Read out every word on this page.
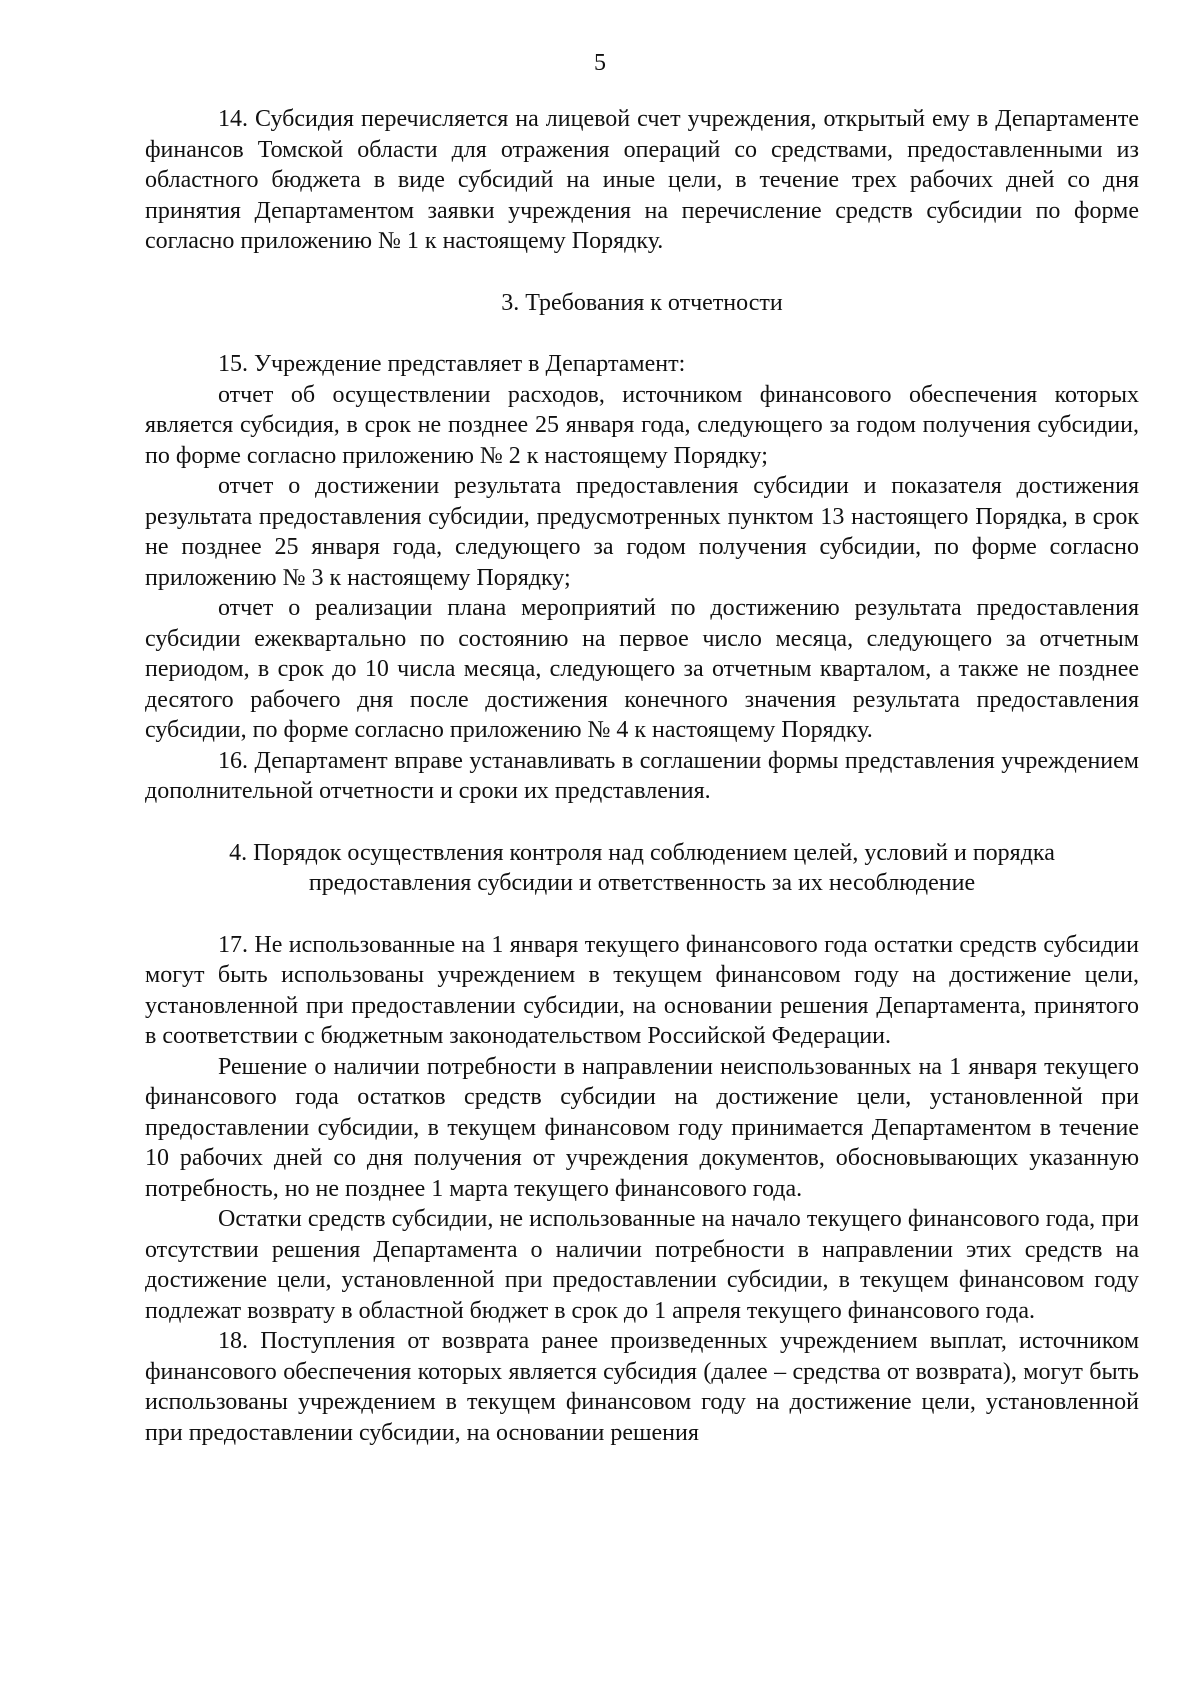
5

14. Субсидия перечисляется на лицевой счет учреждения, открытый ему в Департаменте финансов Томской области для отражения операций со средствами, предоставленными из областного бюджета в виде субсидий на иные цели, в течение трех рабочих дней со дня принятия Департаментом заявки учреждения на перечисление средств субсидии по форме согласно приложению № 1 к настоящему Порядку.

3. Требования к отчетности

15. Учреждение представляет в Департамент:

отчет об осуществлении расходов, источником финансового обеспечения которых является субсидия, в срок не позднее 25 января года, следующего за годом получения субсидии, по форме согласно приложению № 2 к настоящему Порядку;

отчет о достижении результата предоставления субсидии и показателя достижения результата предоставления субсидии, предусмотренных пунктом 13 настоящего Порядка, в срок не позднее 25 января года, следующего за годом получения субсидии, по форме согласно приложению № 3 к настоящему Порядку;

отчет о реализации плана мероприятий по достижению результата предоставления субсидии ежеквартально по состоянию на первое число месяца, следующего за отчетным периодом, в срок до 10 числа месяца, следующего за отчетным кварталом, а также не позднее десятого рабочего дня после достижения конечного значения результата предоставления субсидии, по форме согласно приложению № 4 к настоящему Порядку.

16. Департамент вправе устанавливать в соглашении формы представления учреждением дополнительной отчетности и сроки их представления.

4. Порядок осуществления контроля над соблюдением целей, условий и порядка
предоставления субсидии и ответственность за их несоблюдение

17. Не использованные на 1 января текущего финансового года остатки средств субсидии могут быть использованы учреждением в текущем финансовом году на достижение цели, установленной при предоставлении субсидии, на основании решения Департамента, принятого в соответствии с бюджетным законодательством Российской Федерации.

Решение о наличии потребности в направлении неиспользованных на 1 января текущего финансового года остатков средств субсидии на достижение цели, установленной при предоставлении субсидии, в текущем финансовом году принимается Департаментом в течение 10 рабочих дней со дня получения от учреждения документов, обосновывающих указанную потребность, но не позднее 1 марта текущего финансового года.

Остатки средств субсидии, не использованные на начало текущего финансового года, при отсутствии решения Департамента о наличии потребности в направлении этих средств на достижение цели, установленной при предоставлении субсидии, в текущем финансовом году подлежат возврату в областной бюджет в срок до 1 апреля текущего финансового года.

18. Поступления от возврата ранее произведенных учреждением выплат, источником финансового обеспечения которых является субсидия (далее – средства от возврата), могут быть использованы учреждением в текущем финансовом году на достижение цели, установленной при предоставлении субсидии, на основании решения
